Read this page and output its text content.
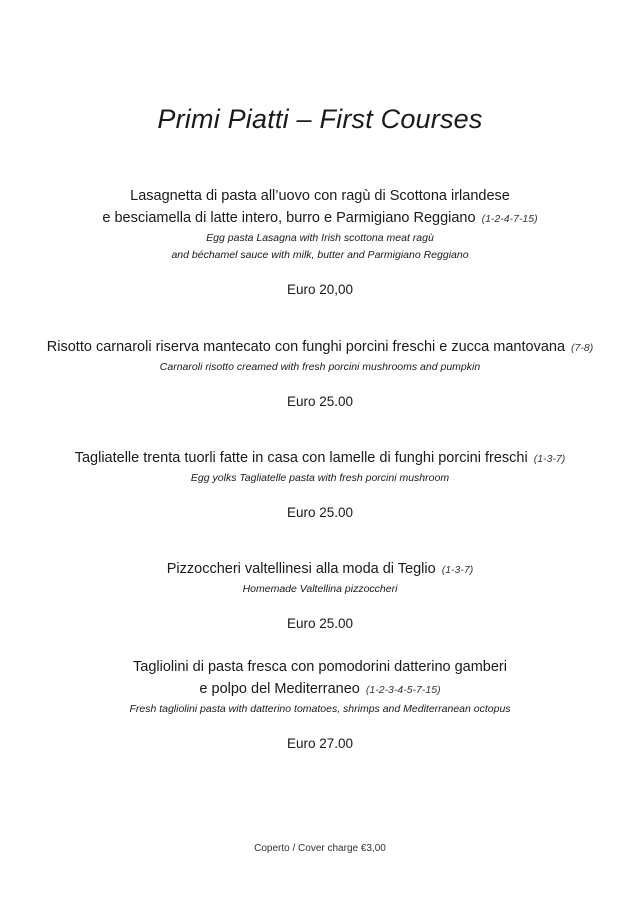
Primi Piatti – First Courses
Lasagnetta di pasta all’uovo con ragù di Scottona irlandese
e besciamella di latte intero, burro e Parmigiano Reggiano (1-2-4-7-15)
Egg pasta Lasagna with Irish scottona meat ragù
and béchamel sauce with milk, butter and Parmigiano Reggiano
Euro 20,00
Risotto carnaroli riserva mantecato con funghi porcini freschi e zucca mantovana (7-8)
Carnaroli risotto creamed with fresh porcini mushrooms and pumpkin
Euro 25.00
Tagliatelle trenta tuorli fatte in casa con lamelle di funghi porcini freschi (1-3-7)
Egg yolks Tagliatelle pasta with fresh porcini mushroom
Euro 25.00
Pizzoccheri valtellinesi alla moda di Teglio (1-3-7)
Homemade Valtellina pizzoccheri
Euro 25.00
Tagliolini di pasta fresca con pomodorini datterino gamberi
e polpo del Mediterraneo (1-2-3-4-5-7-15)
Fresh tagliolini pasta with datterino tomatoes, shrimps and Mediterranean octopus
Euro 27.00
Coperto / Cover charge €3,00
